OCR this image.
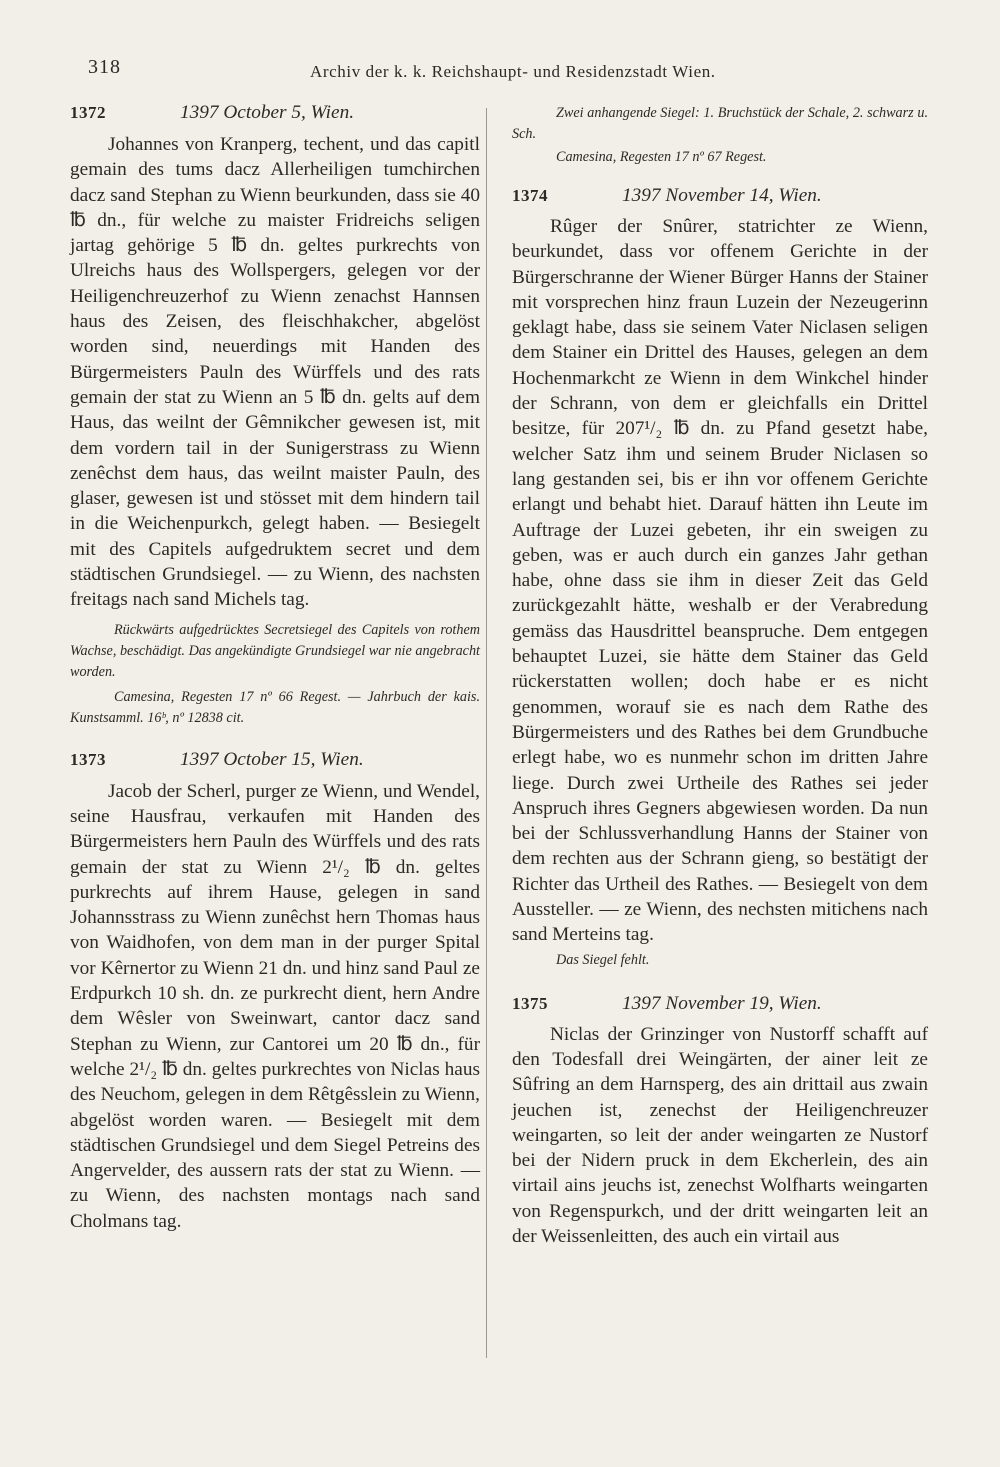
318	Archiv der k. k. Reichshaupt- und Residenzstadt Wien.
1372	1397 October 5, Wien.

Johannes von Kranperg, techent, und das capitl gemain des tums dacz Allerheiligen tumchirchen dacz sand Stephan zu Wienn beurkunden, dass sie 40 ℔ dn., für welche zu maister Fridreichs seligen jartag gehörige 5 ℔ dn. geltes purkrechts von Ulreichs haus des Wollspergers, gelegen vor der Heiligenchreuzerhof zu Wienn zenachst Hannsen haus des Zeisen, des fleischhakcher, abgelöst worden sind, neuerdings mit Handen des Bürgermeisters Pauln des Würffels und des rats gemain der stat zu Wienn an 5 ℔ dn. gelts auf dem Haus, das weilnt der Gêmnikcher gewesen ist, mit dem vordern tail in der Sunigerstrass zu Wienn zenêchst dem haus, das weilnt maister Pauln, des glaser, gewesen ist und stösset mit dem hindern tail in die Weichenpurkch, gelegt haben. — Besiegelt mit des Capitels aufgedruktem secret und dem städtischen Grundsiegel. — zu Wienn, des nachsten freitags nach sand Michels tag.

Rückwärts aufgedrücktes Secretsiegel des Capitels von rothem Wachse, beschädigt. Das angekündigte Grundsiegel war nie angebracht worden.

Camesina, Regesten 17 nº 66 Regest. — Jahrbuch der kais. Kunstsamml. 16ᵇ, nº 12838 cit.

1373	1397 October 15, Wien.

Jacob der Scherl, purger ze Wienn, und Wendel, seine Hausfrau, verkaufen mit Handen des Bürgermeisters hern Pauln des Würffels und des rats gemain der stat zu Wienn 2¹/₂ ℔ dn. geltes purkrechts auf ihrem Hause, gelegen in sand Johannsstrass zu Wienn zunêchst hern Thomas haus von Waidhofen, von dem man in der purger Spital vor Kêrnertor zu Wienn 21 dn. und hinz sand Paul ze Erdpurkch 10 sh. dn. ze purkrecht dient, hern Andre dem Wêsler von Sweinwart, cantor dacz sand Stephan zu Wienn, zur Cantorei um 20 ℔ dn., für welche 2¹/₂ ℔ dn. geltes purkrechtes von Niclas haus des Neuchom, gelegen in dem Rêtgêsslein zu Wienn, abgelöst worden waren. — Besiegelt mit dem städtischen Grundsiegel und dem Siegel Petreins des Angervelder, des aussern rats der stat zu Wienn. — zu Wienn, des nachsten montags nach sand Cholmans tag.

Zwei anhangende Siegel: 1. Bruchstück der Schale, 2. schwarz u. Sch.

Camesina, Regesten 17 nº 67 Regest.

1374	1397 November 14, Wien.

Rûger der Snûrer, statrichter ze Wienn, beurkundet, dass vor offenem Gerichte in der Bürgerschranne der Wiener Bürger Hanns der Stainer mit vorsprechen hinz fraun Luzein der Nezeugerinn geklagt habe, dass sie seinem Vater Niclasen seligen dem Stainer ein Drittel des Hauses, gelegen an dem Hochenmarkcht ze Wienn in dem Winkchel hinder der Schrann, von dem er gleichfalls ein Drittel besitze, für 207¹/₂ ℔ dn. zu Pfand gesetzt habe, welcher Satz ihm und seinem Bruder Niclasen so lang gestanden sei, bis er ihn vor offenem Gerichte erlangt und behabt hiet. Darauf hätten ihn Leute im Auftrage der Luzei gebeten, ihr ein sweigen zu geben, was er auch durch ein ganzes Jahr gethan habe, ohne dass sie ihm in dieser Zeit das Geld zurückgezahlt hätte, weshalb er der Verabredung gemäss das Hausdrittel beanspruche. Dem entgegen behauptet Luzei, sie hätte dem Stainer das Geld rückerstatten wollen; doch habe er es nicht genommen, worauf sie es nach dem Rathe des Bürgermeisters und des Rathes bei dem Grundbuche erlegt habe, wo es nunmehr schon im dritten Jahre liege. Durch zwei Urtheile des Rathes sei jeder Anspruch ihres Gegners abgewiesen worden. Da nun bei der Schlussverhandlung Hanns der Stainer von dem rechten aus der Schrann gieng, so bestätigt der Richter das Urtheil des Rathes. — Besiegelt von dem Aussteller. — ze Wienn, des nechsten mitichens nach sand Merteins tag.

Das Siegel fehlt.

1375	1397 November 19, Wien.

Niclas der Grinzinger von Nustorff schafft auf den Todesfall drei Weingärten, der ainer leit ze Sûfring an dem Harnsperg, des ain drittail aus zwain jeuchen ist, zenechst der Heiligenchreuzer weingarten, so leit der ander weingarten ze Nustorf bei der Nidern pruck in dem Ekcherlein, des ain virtail ains jeuchs ist, zenechst Wolfharts weingarten von Regenspurkch, und der dritt weingarten leit an der Weissenleitten, des auch ein virtail aus
